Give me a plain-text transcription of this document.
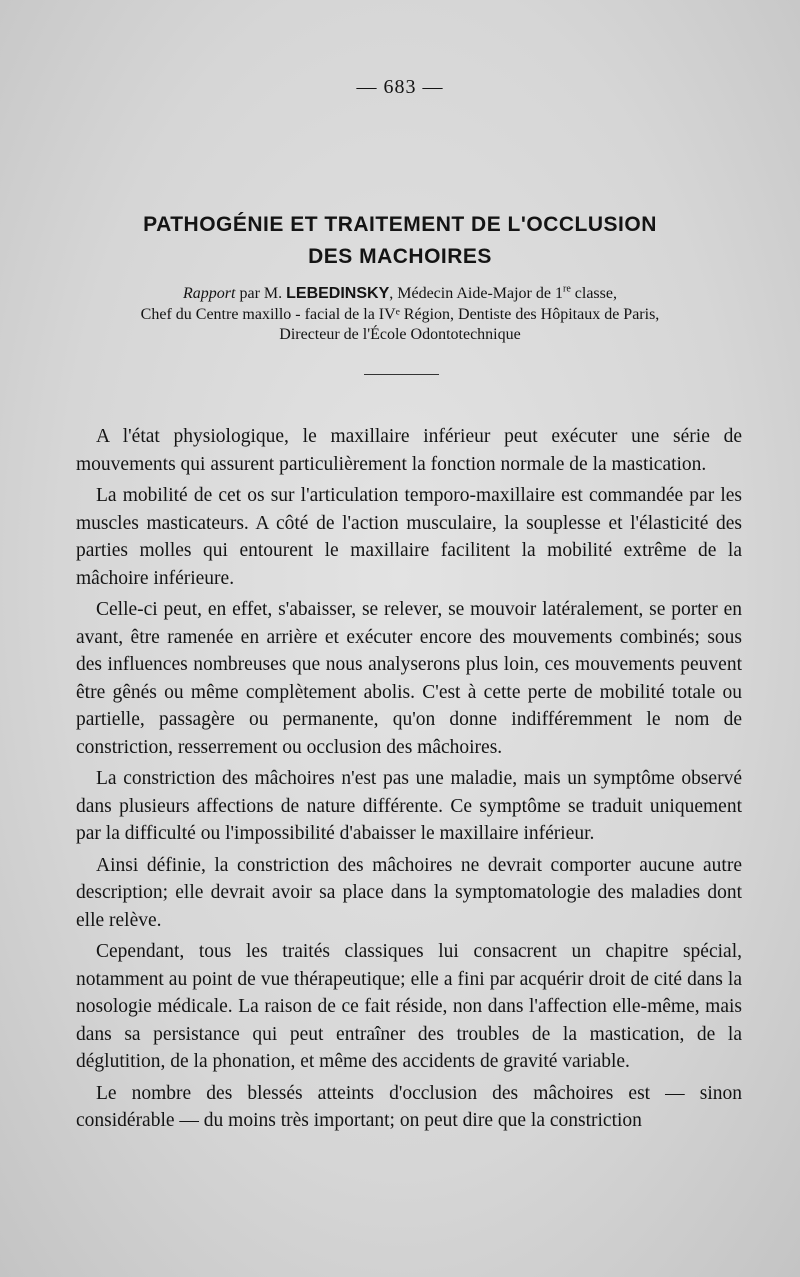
— 683 —
PATHOGÉNIE ET TRAITEMENT DE L'OCCLUSION
DES MACHOIRES
Rapport par M. LEBEDINSKY, Médecin Aide-Major de 1re classe,
Chef du Centre maxillo - facial de la IVᵉ Région, Dentiste des Hôpitaux de Paris,
Directeur de l'École Odontotechnique

A l'état physiologique, le maxillaire inférieur peut exécuter une série de mouvements qui assurent particulièrement la fonction normale de la mastication.

La mobilité de cet os sur l'articulation temporo-maxillaire est commandée par les muscles masticateurs. A côté de l'action musculaire, la souplesse et l'élasticité des parties molles qui entourent le maxillaire facilitent la mobilité extrême de la mâchoire inférieure.

Celle-ci peut, en effet, s'abaisser, se relever, se mouvoir latéralement, se porter en avant, être ramenée en arrière et exécuter encore des mouvements combinés; sous des influences nombreuses que nous analyserons plus loin, ces mouvements peuvent être gênés ou même complètement abolis. C'est à cette perte de mobilité totale ou partielle, passagère ou permanente, qu'on donne indifféremment le nom de constriction, resserrement ou occlusion des mâchoires.

La constriction des mâchoires n'est pas une maladie, mais un symptôme observé dans plusieurs affections de nature différente. Ce symptôme se traduit uniquement par la difficulté ou l'impossibilité d'abaisser le maxillaire inférieur.

Ainsi définie, la constriction des mâchoires ne devrait comporter aucune autre description; elle devrait avoir sa place dans la symptomatologie des maladies dont elle relève.

Cependant, tous les traités classiques lui consacrent un chapitre spécial, notamment au point de vue thérapeutique; elle a fini par acquérir droit de cité dans la nosologie médicale. La raison de ce fait réside, non dans l'affection elle-même, mais dans sa persistance qui peut entraîner des troubles de la mastication, de la déglutition, de la phonation, et même des accidents de gravité variable.

Le nombre des blessés atteints d'occlusion des mâchoires est — sinon considérable — du moins très important; on peut dire que la constriction
